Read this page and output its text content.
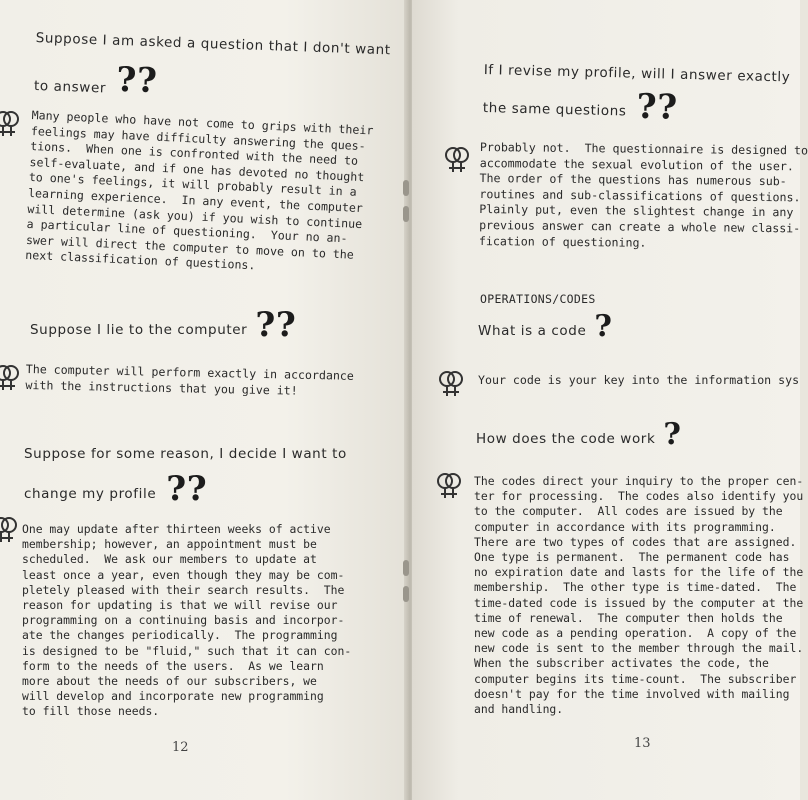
Suppose I am asked a question that I don't want
to answer ??
Many people who have not come to grips with their
feelings may have difficulty answering the ques-
tions.  When one is confronted with the need to
self-evaluate, and if one has devoted no thought
to one's feelings, it will probably result in a
learning experience.  In any event, the computer
will determine (ask you) if you wish to continue
a particular line of questioning.  Your no an-
swer will direct the computer to move on to the
next classification of questions.
Suppose I lie to the computer ??
The computer will perform exactly in accordance
with the instructions that you give it!
Suppose for some reason, I decide I want to
change my profile ??
One may update after thirteen weeks of active
membership; however, an appointment must be
scheduled.  We ask our members to update at
least once a year, even though they may be com-
pletely pleased with their search results.  The
reason for updating is that we will revise our
programming on a continuing basis and incorpor-
ate the changes periodically.  The programming
is designed to be "fluid," such that it can con-
form to the needs of the users.  As we learn
more about the needs of our subscribers, we
will develop and incorporate new programming
to fill those needs.
12
If I revise my profile, will I answer exactly
the same questions ??
Probably not.  The questionnaire is designed to
accommodate the sexual evolution of the user.
The order of the questions has numerous sub-
routines and sub-classifications of questions.
Plainly put, even the slightest change in any
previous answer can create a whole new classi-
fication of questioning.
OPERATIONS/CODES
What is a code ?
Your code is your key into the information sys
How does the code work ?
The codes direct your inquiry to the proper cen-
ter for processing.  The codes also identify you
to the computer.  All codes are issued by the
computer in accordance with its programming.
There are two types of codes that are assigned.
One type is permanent.  The permanent code has
no expiration date and lasts for the life of the
membership.  The other type is time-dated.  The
time-dated code is issued by the computer at the
time of renewal.  The computer then holds the
new code as a pending operation.  A copy of the
new code is sent to the member through the mail.
When the subscriber activates the code, the
computer begins its time-count.  The subscriber
doesn't pay for the time involved with mailing
and handling.
13
